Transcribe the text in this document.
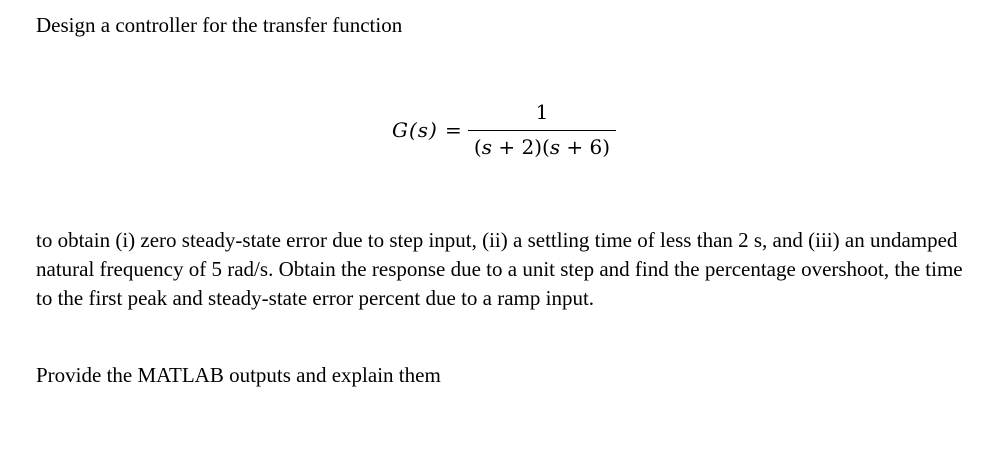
Design a controller for the transfer function
G(s) =
1
(s + 2)(s + 6)

to obtain (i) zero steady-state error due to step input, (ii) a settling time of less than 2 s, and (iii) an undamped natural frequency of 5 rad/s. Obtain the response due to a unit step and find the percentage overshoot, the time to the first peak and steady-state error percent due to a ramp input.

Provide the MATLAB outputs and explain them
